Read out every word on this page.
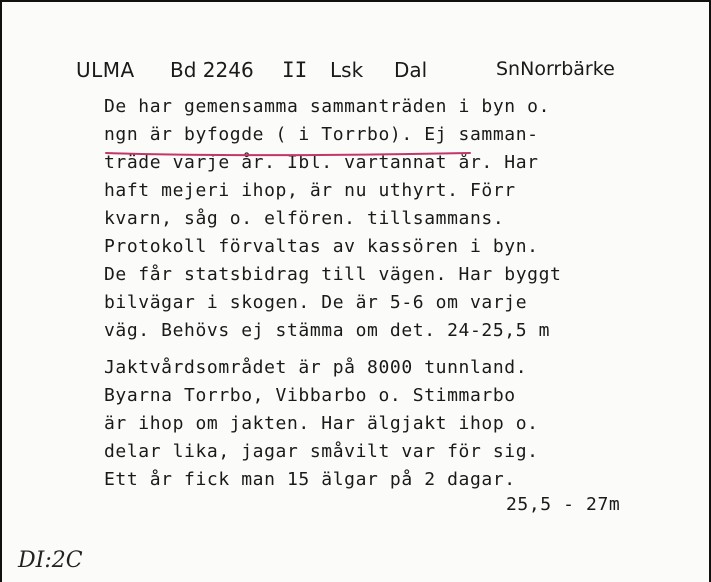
ULMA Bd 2246 II Lsk Dal	SnNorrbärke
De har gemensamma sammanträden i byn o.
ngn är byfogde ( i Torrbo). Ej samman-
träde varje år. Ibl. vartannat år. Har
haft mejeri ihop, är nu uthyrt. Förr
kvarn, såg o. elfören. tillsammans.
Protokoll förvaltas av kassören i byn.
De får statsbidrag till vägen. Har byggt
bilvägar i skogen. De är 5-6 om varje
väg. Behövs ej stämma om det. 24-25,5 m
Jaktvårdsområdet är på 8000 tunnland.
Byarna Torrbo, Vibbarbo o. Stimmarbo
är ihop om jakten. Har älgjakt ihop o.
delar lika, jagar småvilt var för sig.
Ett år fick man 15 älgar på 2 dagar.
25,5 - 27m
DI:2C
